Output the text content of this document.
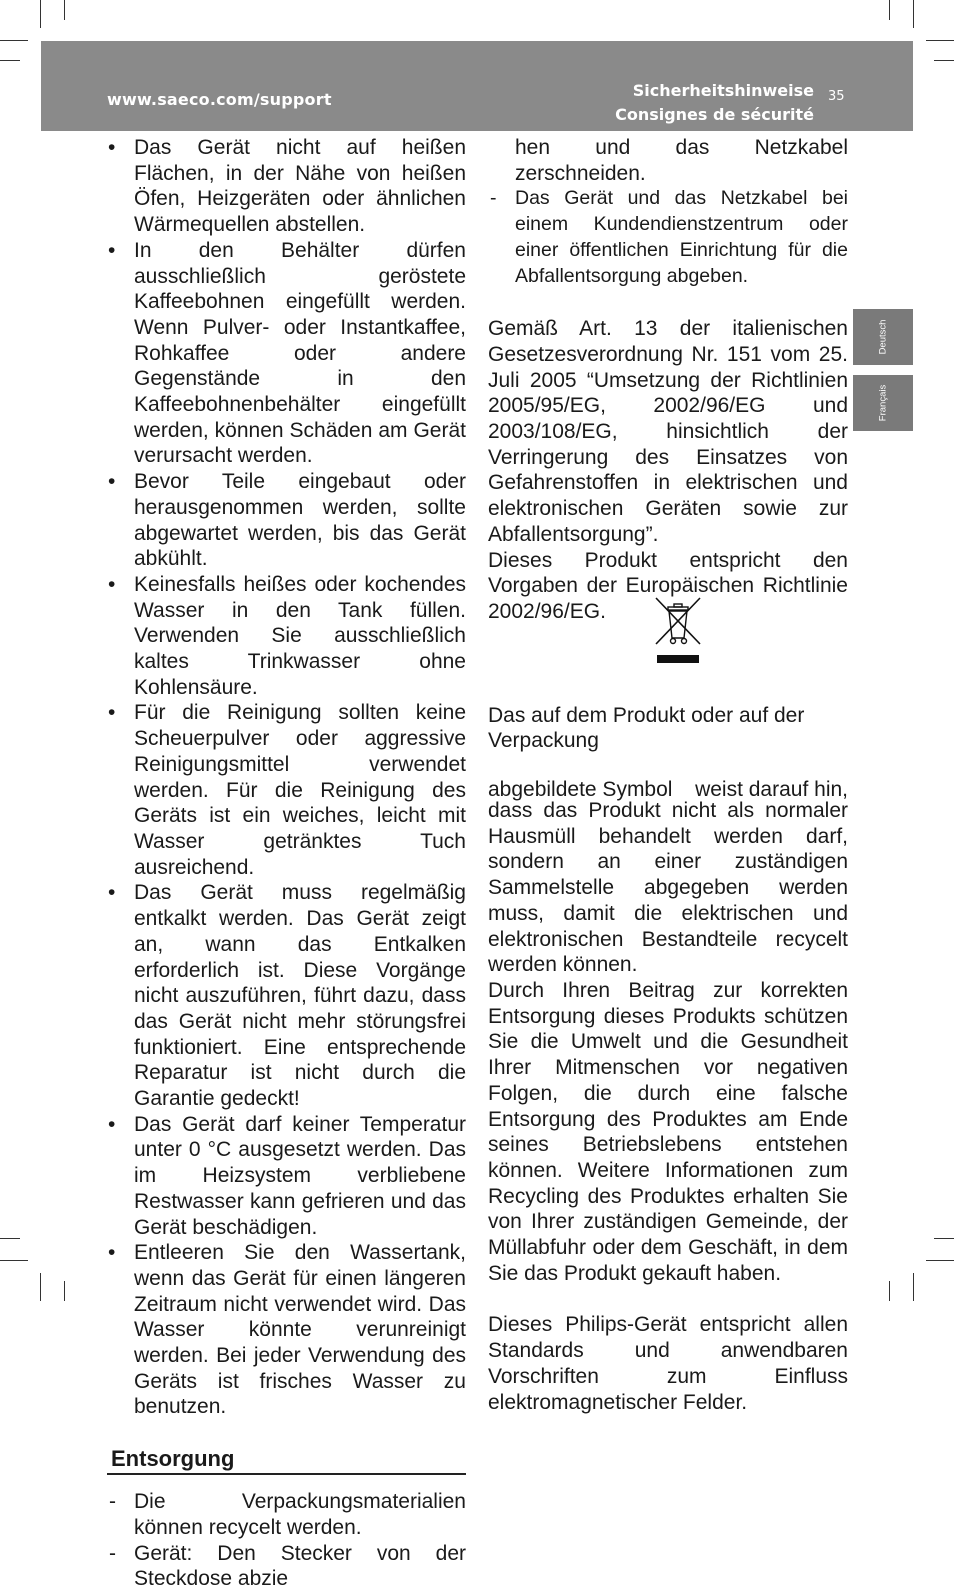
www.saeco.com/support	Sicherheitshinweise
Consignes de sécurité
35
Deutsch
Français
• Das Gerät nicht auf heißen Flächen, in der Nähe von heißen Öfen, Heizgeräten oder ähnlichen Wärmequellen abstellen.
• In den Behälter dürfen ausschließlich geröstete Kaffeebohnen eingefüllt werden. Wenn Pulver- oder Instantkaffee, Rohkaffee oder andere Gegenstände in den Kaffeebohnenbehälter eingefüllt werden, können Schäden am Gerät verursacht werden.
• Bevor Teile eingebaut oder herausgenommen werden, sollte abgewartet werden, bis das Gerät abkühlt.
• Keinesfalls heißes oder kochendes Wasser in den Tank füllen. Verwenden Sie ausschließlich kaltes Trinkwasser ohne Kohlensäure.
• Für die Reinigung sollten keine Scheuerpulver oder aggressive Reinigungsmittel verwendet werden. Für die Reinigung des Geräts ist ein weiches, leicht mit Wasser getränktes Tuch ausreichend.
• Das Gerät muss regelmäßig entkalkt werden. Das Gerät zeigt an, wann das Entkalken erforderlich ist. Diese Vorgänge nicht auszuführen, führt dazu, dass das Gerät nicht mehr störungsfrei funktioniert. Eine entsprechende Reparatur ist nicht durch die Garantie gedeckt!
• Das Gerät darf keiner Temperatur unter 0 °C ausgesetzt werden. Das im Heizsystem verbliebene Restwasser kann gefrieren und das Gerät beschädigen.
• Entleeren Sie den Wassertank, wenn das Gerät für einen längeren Zeitraum nicht verwendet wird. Das Wasser könnte verunreinigt werden. Bei jeder Verwendung des Geräts ist frisches Wasser zu benutzen.
Entsorgung
- Die Verpackungsmaterialien können recycelt werden.
- Gerät: Den Stecker von der Steckdose abzie

hen und das Netzkabel zerschneiden.

- Das Gerät und das Netzkabel bei einem Kundendienstzentrum oder einer öffentlichen Einrichtung für die Abfallentsorgung abgeben.

Gemäß Art. 13 der italienischen Gesetzesverordnung Nr. 151 vom 25. Juli 2005 “Umsetzung der Richtlinien 2005/95/EG, 2002/96/EG und 2003/108/EG, hinsichtlich der Verringerung des Einsatzes von Gefahrenstoffen in elektrischen und elektronischen Geräten sowie zur Abfallentsorgung”.

Dieses Produkt entspricht den Vorgaben der Europäischen Richtlinie 2002/96/EG.

Das auf dem Produkt oder auf der Verpackung

abgebildete Symbol weist darauf hin,

dass das Produkt nicht als normaler Hausmüll behandelt werden darf, sondern an einer zuständigen Sammelstelle abgegeben werden muss, damit die elektrischen und elektronischen Bestandteile recycelt werden können.

Durch Ihren Beitrag zur korrekten Entsorgung dieses Produkts schützen Sie die Umwelt und die Gesundheit Ihrer Mitmenschen vor negativen Folgen, die durch eine falsche Entsorgung des Produktes am Ende seines Betriebslebens entstehen können. Weitere Informationen zum Recycling des Produktes erhalten Sie von Ihrer zuständigen Gemeinde, der Müllabfuhr oder dem Geschäft, in dem Sie das Produkt gekauft haben.

Dieses Philips-Gerät entspricht allen Standards und anwendbaren Vorschriften zum Einfluss elektromagnetischer Felder.
